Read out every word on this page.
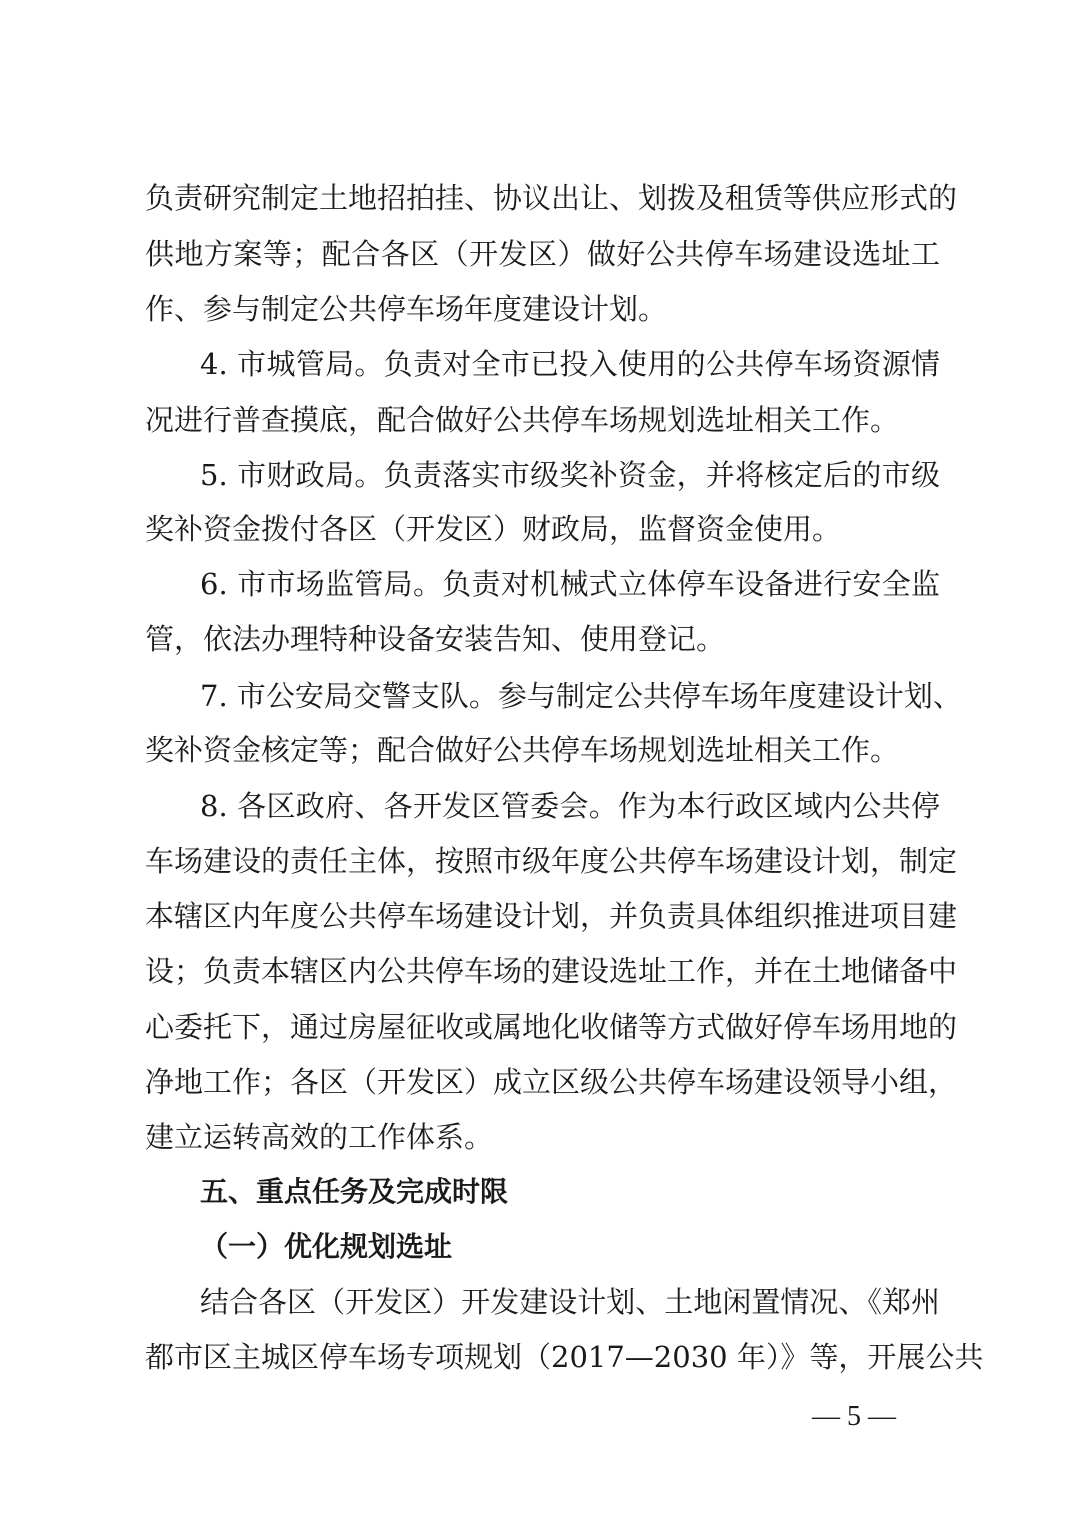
负责研究制定土地招拍挂、协议出让、划拨及租赁等供应形式的
供地方案等；配合各区（开发区）做好公共停车场建设选址工
作、参与制定公共停车场年度建设计划。
4. 市城管局。负责对全市已投入使用的公共停车场资源情
况进行普查摸底，配合做好公共停车场规划选址相关工作。
5. 市财政局。负责落实市级奖补资金，并将核定后的市级
奖补资金拨付各区（开发区）财政局，监督资金使用。
6. 市市场监管局。负责对机械式立体停车设备进行安全监
管，依法办理特种设备安装告知、使用登记。
7. 市公安局交警支队。参与制定公共停车场年度建设计划、
奖补资金核定等；配合做好公共停车场规划选址相关工作。
8. 各区政府、各开发区管委会。作为本行政区域内公共停
车场建设的责任主体，按照市级年度公共停车场建设计划，制定
本辖区内年度公共停车场建设计划，并负责具体组织推进项目建
设；负责本辖区内公共停车场的建设选址工作，并在土地储备中
心委托下，通过房屋征收或属地化收储等方式做好停车场用地的
净地工作；各区（开发区）成立区级公共停车场建设领导小组，
建立运转高效的工作体系。
五、重点任务及完成时限
（一）优化规划选址
结合各区（开发区）开发建设计划、土地闲置情况、《郑州
都市区主城区停车场专项规划（2017—2030 年）》等，开展公共
— 5 —
